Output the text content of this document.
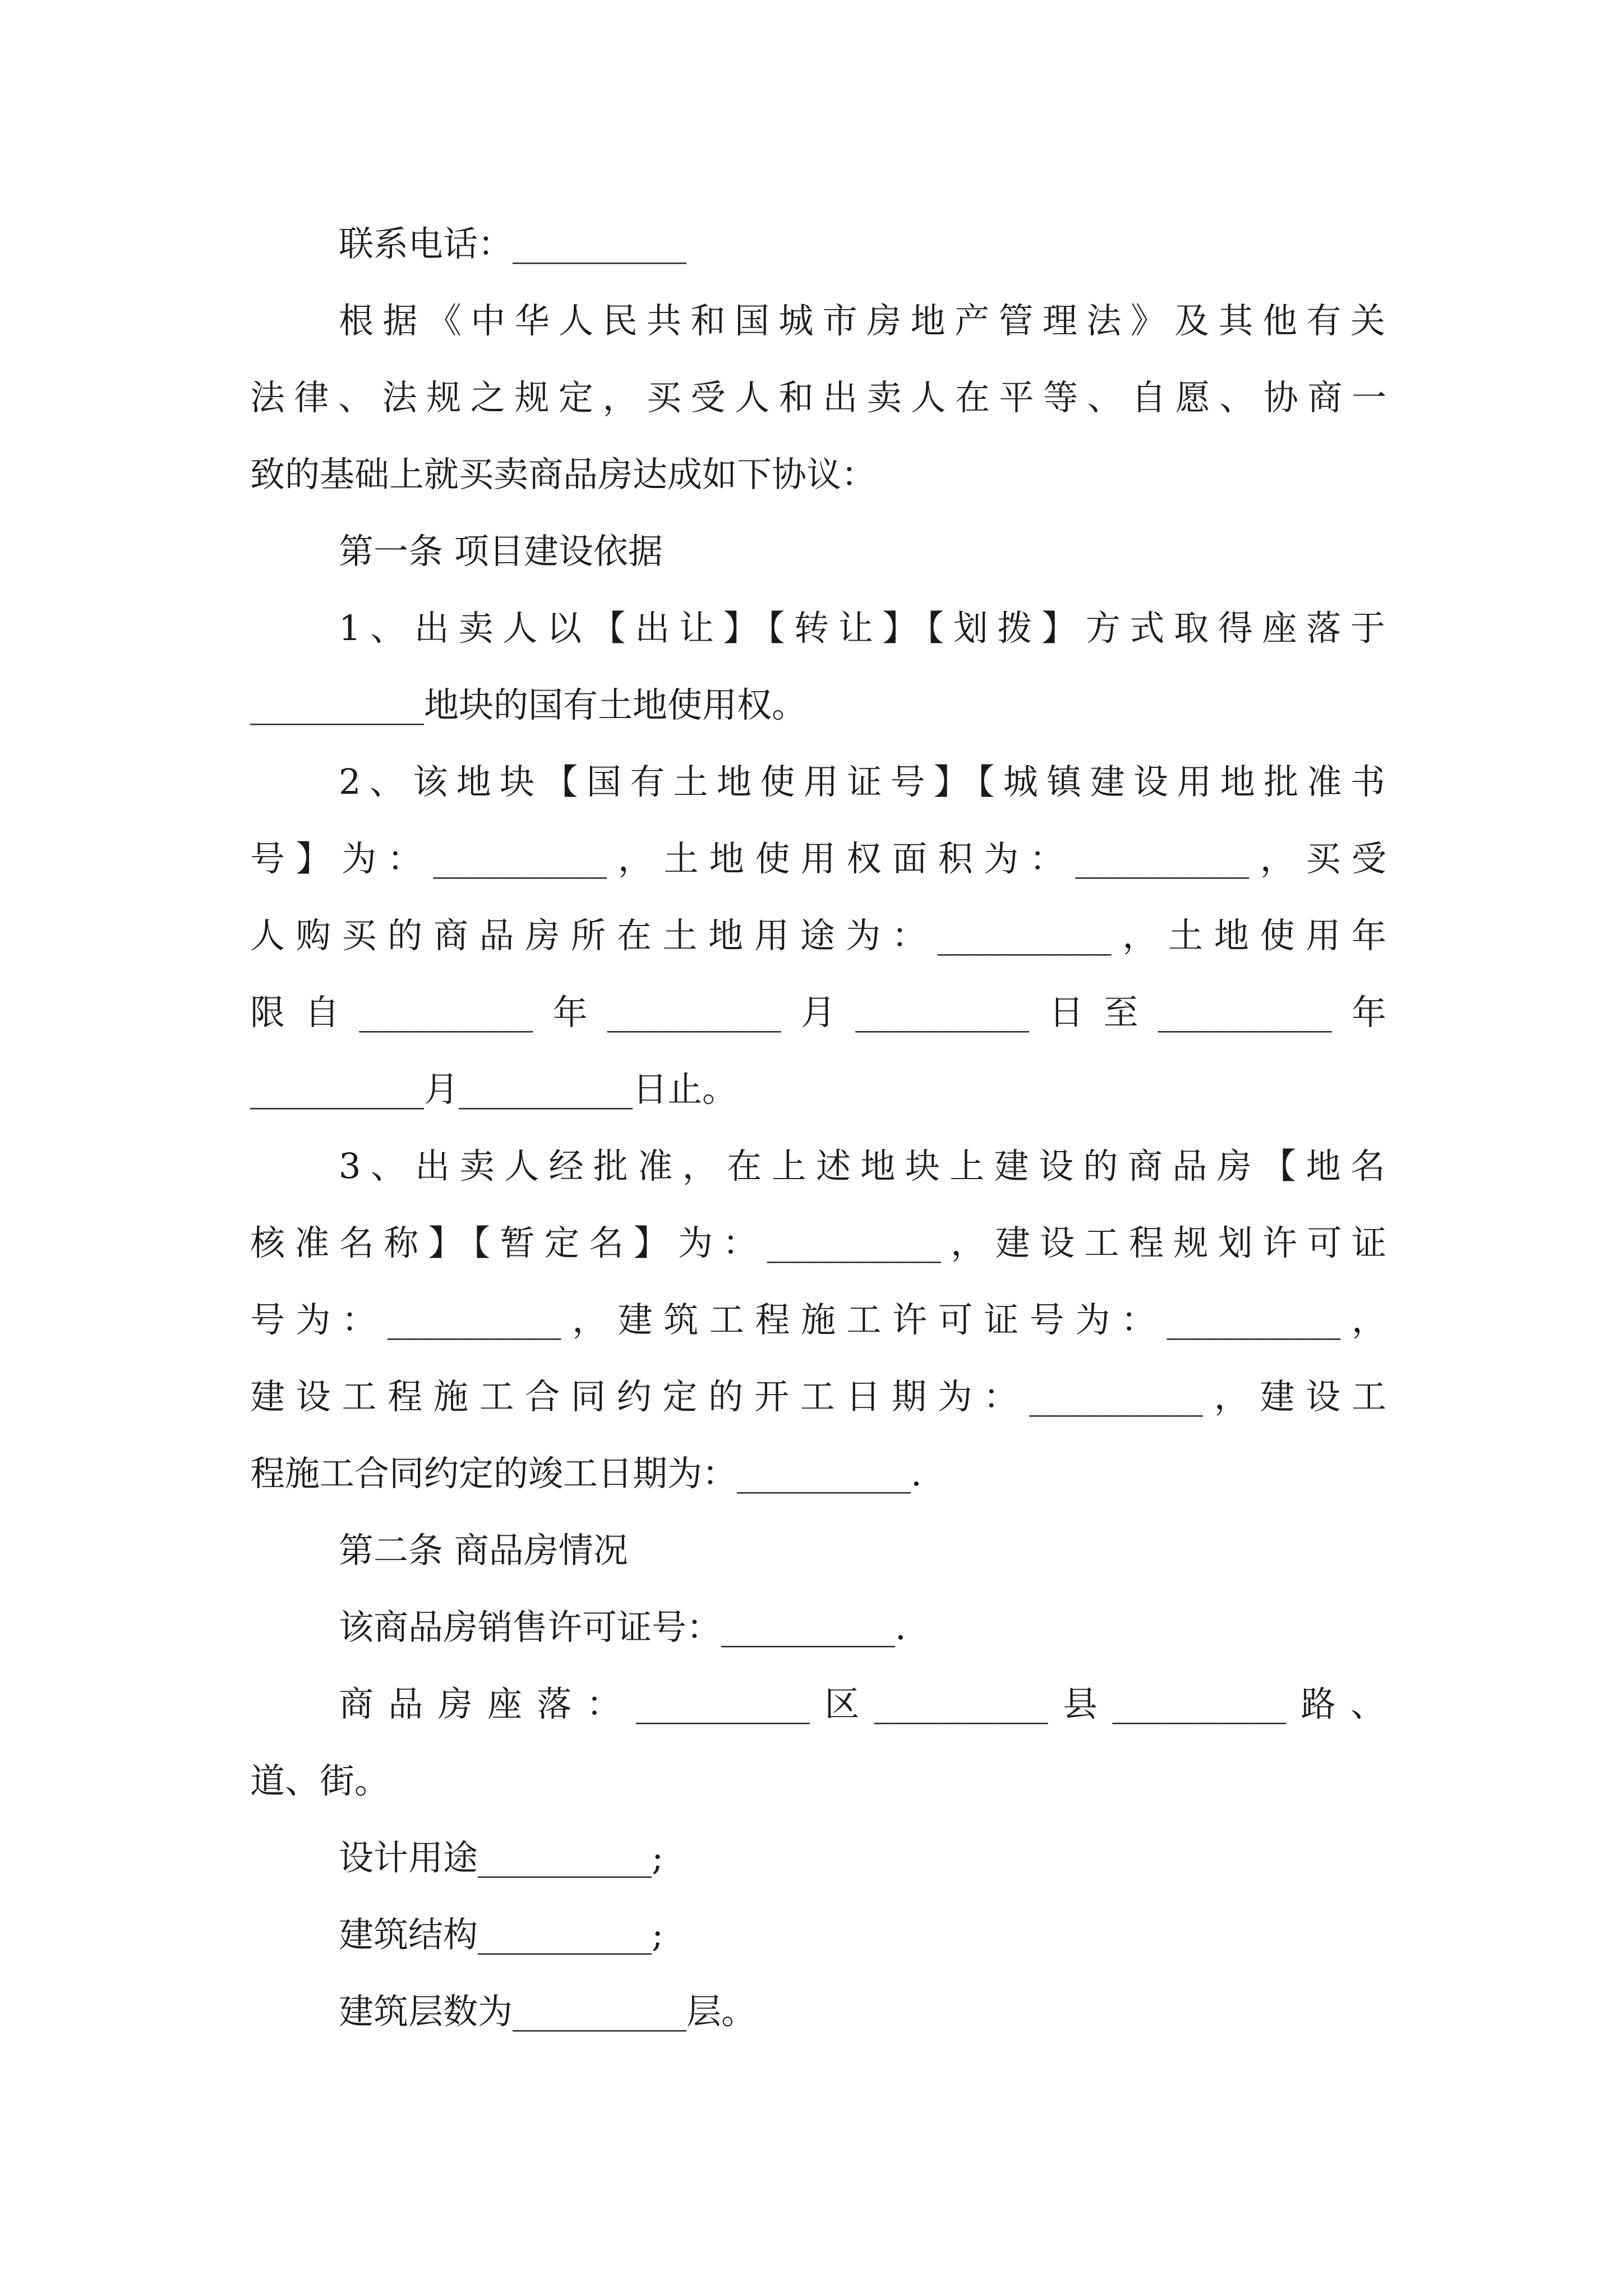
联系电话：__________
根据《中华人民共和国城市房地产管理法》及其他有关
法律、法规之规定，买受人和出卖人在平等、自愿、协商一
致的基础上就买卖商品房达成如下协议：
第一条 项目建设依据
1、出卖人以【出让】【转让】【划拨】方式取得座落于
__________地块的国有土地使用权。
2、该地块【国有土地使用证号】【城镇建设用地批准书
号】为：__________，土地使用权面积为：__________，买受
人购买的商品房所在土地用途为：__________，土地使用年
限自__________年__________月__________日至__________年
__________月__________日止。
3、出卖人经批准，在上述地块上建设的商品房【地名
核准名称】【暂定名】为：__________，建设工程规划许可证
号为：__________，建筑工程施工许可证号为：__________，
建设工程施工合同约定的开工日期为：__________，建设工
程施工合同约定的竣工日期为：__________.
第二条 商品房情况
该商品房销售许可证号：__________.
商品房座落：__________区__________县__________路、
道、街。
设计用途__________;
建筑结构__________;
建筑层数为__________层。
